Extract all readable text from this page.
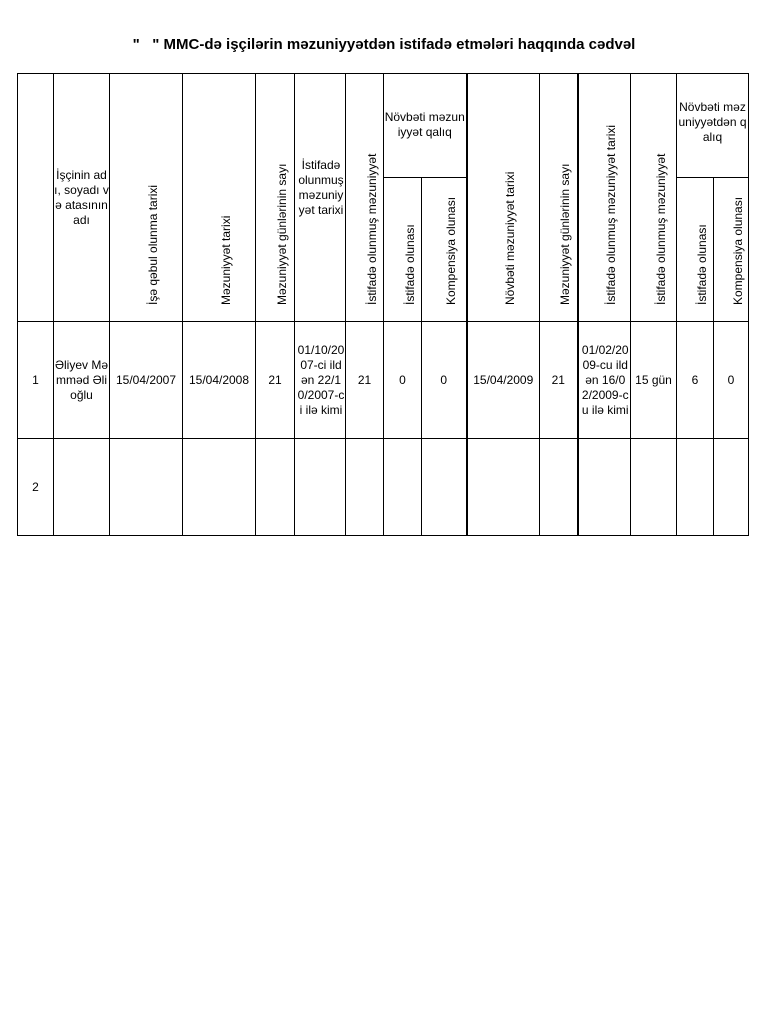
"   " MMC-də işçilərin məzuniyyətdən istifadə etmələri haqqında cədvəl

	İşçinin adı, soyadı və atasının adı	İşə qəbul olunma tarixi	Məzuniyyət tarixi	Məzuniyyət günlərinin sayı	İstifadə olunmuş məzuniyyət tarixi	İstifadə olunmuş məzuniyyət	Növbəti məzuniyyət qalıq		Növbəti məzuniyyət tarixi	Məzuniyyət günlərinin sayı	İstifadə olunmuş məzuniyyət tarixi	İstifadə olunmuş məzuniyyət	Növbəti məzuniyyətdən qalıq	

							İstifadə olunası	Kompensiya olunası					İstifadə olunası	Kompensiya olunası

1	Əliyev Məmməd Əli oğlu	15/04/2007	15/04/2008	21	01/10/2007-ci ildən 22/10/2007-ci ilə kimi	21	0	0	15/04/2009	21	01/02/2009-cu ildən 16/02/2009-cu ilə kimi	15 gün	6	0
2														
